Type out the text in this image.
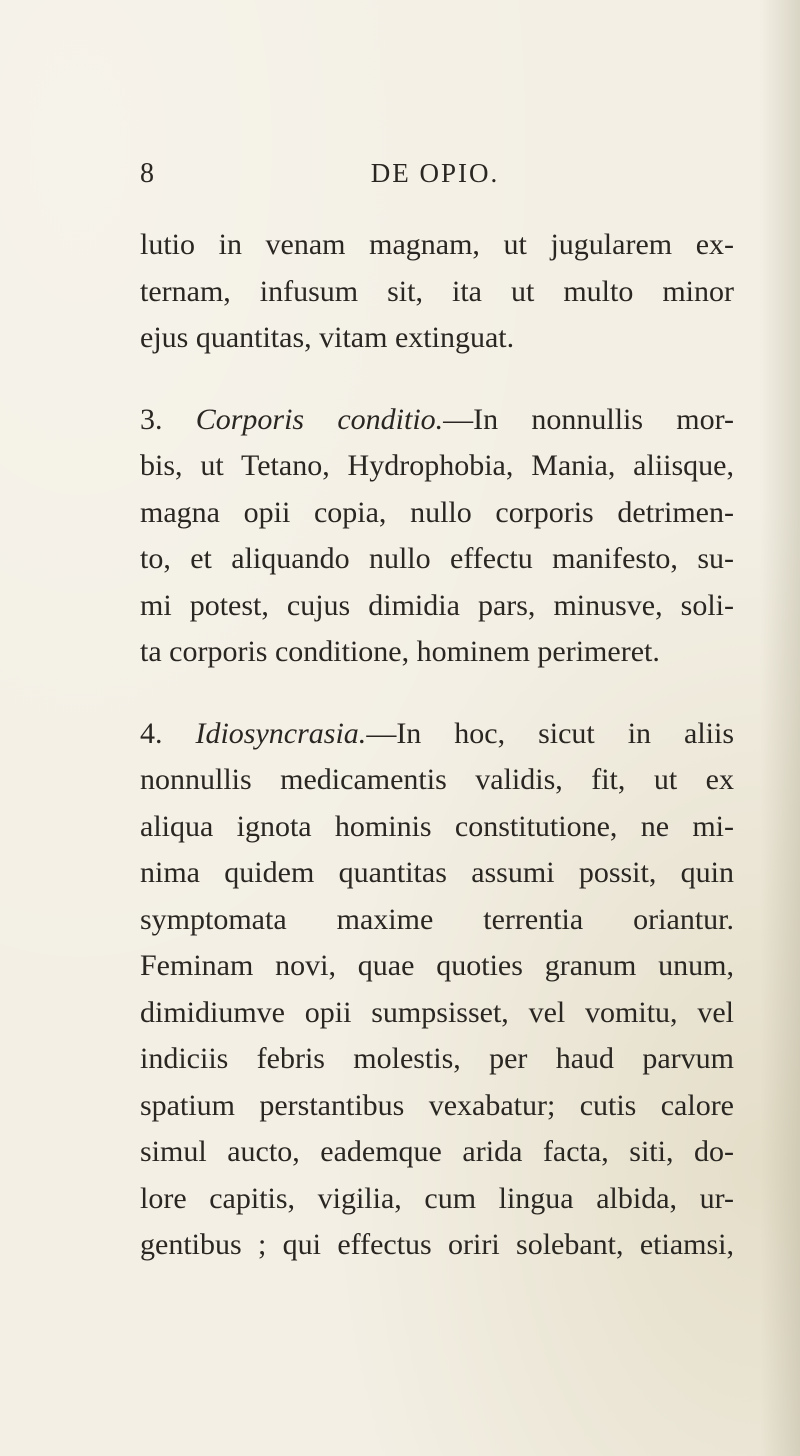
8	DE OPIO.
lutio in venam magnam, ut jugularem ex-
ternam, infusum sit, ita ut multo minor
ejus quantitas, vitam extinguat.
3. Corporis conditio.—In nonnullis mor-
bis, ut Tetano, Hydrophobia, Mania, aliisque,
magna opii copia, nullo corporis detrimen-
to, et aliquando nullo effectu manifesto, su-
mi potest, cujus dimidia pars, minusve, soli-
ta corporis conditione, hominem perimeret.
4. Idiosyncrasia.—In hoc, sicut in aliis
nonnullis medicamentis validis, fit, ut ex
aliqua ignota hominis constitutione, ne mi-
nima quidem quantitas assumi possit, quin
symptomata maxime terrentia oriantur.
Feminam novi, quae quoties granum unum,
dimidiumve opii sumpsisset, vel vomitu, vel
indiciis febris molestis, per haud parvum
spatium perstantibus vexabatur; cutis calore
simul aucto, eademque arida facta, siti, do-
lore capitis, vigilia, cum lingua albida, ur-
gentibus ; qui effectus oriri solebant, etiamsi,
